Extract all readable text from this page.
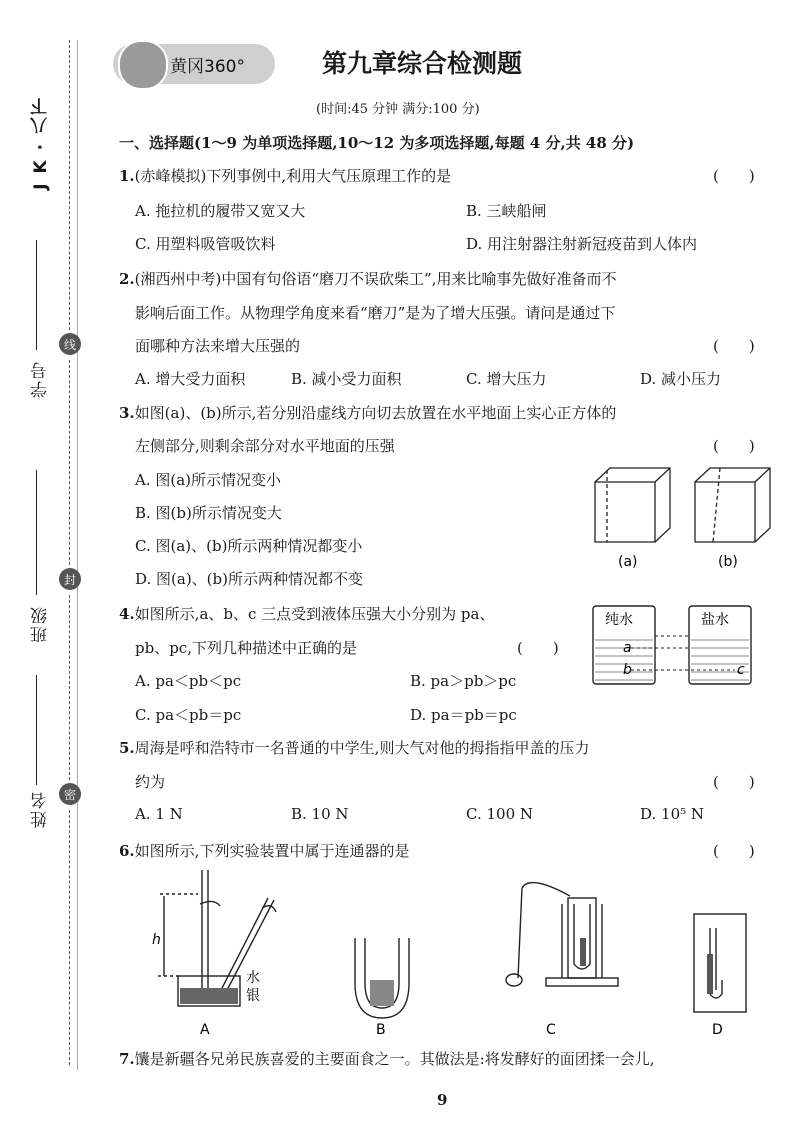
J K · 八下
学号
班级
姓名
线
封
密
黄冈360°	第九章综合检测题
(时间:45 分钟 满分:100 分)
一、选择题(1～9 为单项选择题,10～12 为多项选择题,每题 4 分,共 48 分)
1.(赤峰模拟)下列事例中,利用大气压原理工作的是	(　　)
A. 拖拉机的履带又宽又大	B. 三峡船闸
C. 用塑料吸管吸饮料	D. 用注射器注射新冠疫苗到人体内
2.(湘西州中考)中国有句俗语“磨刀不误砍柴工”,用来比喻事先做好准备而不
影响后面工作。从物理学角度来看“磨刀”是为了增大压强。请问是通过下
面哪种方法来增大压强的	(　　)
A. 增大受力面积	B. 减小受力面积	C. 增大压力	D. 减小压力
3.如图(a)、(b)所示,若分别沿虚线方向切去放置在水平地面上实心正方体的
左侧部分,则剩余部分对水平地面的压强	(　　)
A. 图(a)所示情况变小
B. 图(b)所示情况变大
C. 图(a)、(b)所示两种情况都变小
D. 图(a)、(b)所示两种情况都不变
(a)	(b)
4.如图所示,a、b、c 三点受到液体压强大小分别为 pa、
pb、pc,下列几种描述中正确的是	(　　)
A. pa＜pb＜pc	B. pa＞pb＞pc
C. pa＜pb＝pc	D. pa＝pb＝pc
纯水	盐水
a
b	c
5.周海是呼和浩特市一名普通的中学生,则大气对他的拇指指甲盖的压力
约为	(　　)
A. 1 N	B. 10 N	C. 100 N	D. 10⁵ N
6.如图所示,下列实验装置中属于连通器的是	(　　)
h
水
银
A	B	C	D
7.馕是新疆各兄弟民族喜爱的主要面食之一。其做法是:将发酵好的面团揉一会儿,
9
